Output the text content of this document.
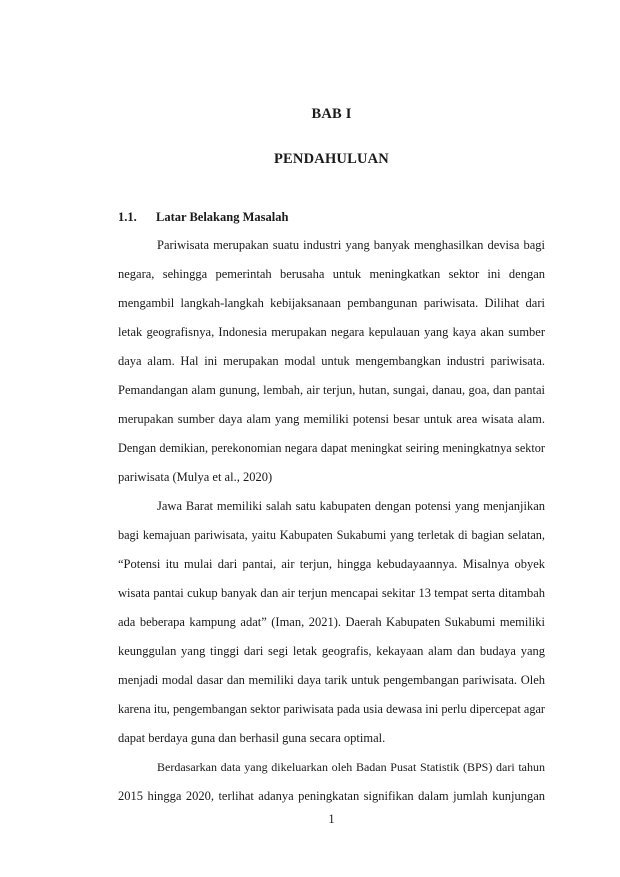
BAB I
PENDAHULUAN
1.1. Latar Belakang Masalah
Pariwisata merupakan suatu industri yang banyak menghasilkan devisa bagi
negara, sehingga pemerintah berusaha untuk meningkatkan sektor ini dengan
mengambil langkah-langkah kebijaksanaan pembangunan pariwisata. Dilihat dari
letak geografisnya, Indonesia merupakan negara kepulauan yang kaya akan sumber
daya alam. Hal ini merupakan modal untuk mengembangkan industri pariwisata.
Pemandangan alam gunung, lembah, air terjun, hutan, sungai, danau, goa, dan pantai
merupakan sumber daya alam yang memiliki potensi besar untuk area wisata alam.
Dengan demikian, perekonomian negara dapat meningkat seiring meningkatnya sektor
pariwisata (Mulya et al., 2020)
Jawa Barat memiliki salah satu kabupaten dengan potensi yang menjanjikan
bagi kemajuan pariwisata, yaitu Kabupaten Sukabumi yang terletak di bagian selatan,
“Potensi itu mulai dari pantai, air terjun, hingga kebudayaannya. Misalnya obyek
wisata pantai cukup banyak dan air terjun mencapai sekitar 13 tempat serta ditambah
ada beberapa kampung adat” (Iman, 2021). Daerah Kabupaten Sukabumi memiliki
keunggulan yang tinggi dari segi letak geografis, kekayaan alam dan budaya yang
menjadi modal dasar dan memiliki daya tarik untuk pengembangan pariwisata. Oleh
karena itu, pengembangan sektor pariwisata pada usia dewasa ini perlu dipercepat agar
dapat berdaya guna dan berhasil guna secara optimal.
Berdasarkan data yang dikeluarkan oleh Badan Pusat Statistik (BPS) dari tahun
2015 hingga 2020, terlihat adanya peningkatan signifikan dalam jumlah kunjungan
1
